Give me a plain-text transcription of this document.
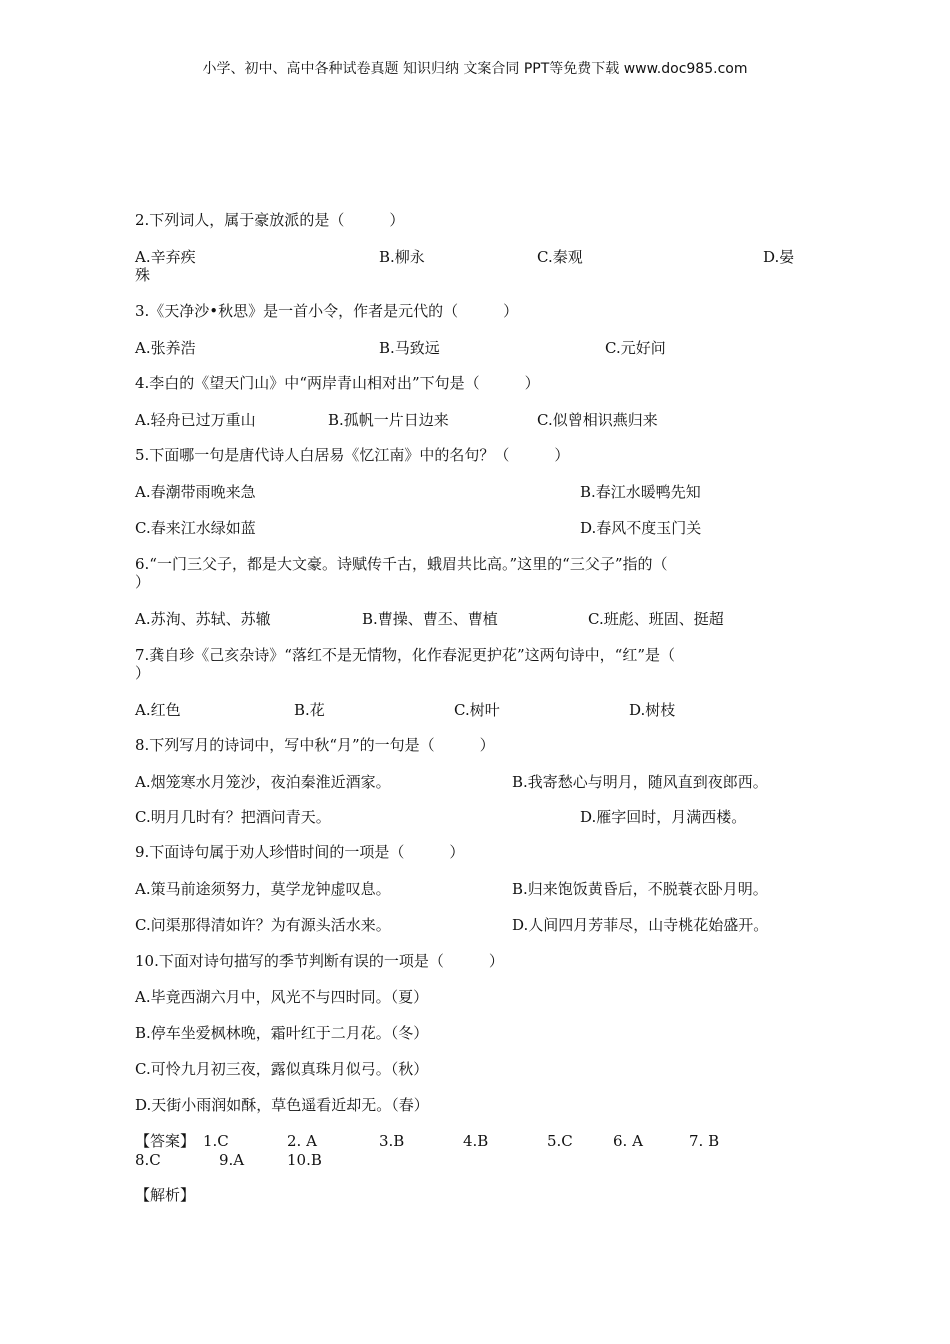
小学、初中、高中各种试卷真题 知识归纳 文案合同 PPT等免费下载 www.doc985.com
2.下列词人，属于豪放派的是（　　　）
A.辛弃疾	B.柳永	C.秦观	D.晏
殊
3.《天净沙•秋思》是一首小令，作者是元代的（　　　）
A.张养浩	B.马致远	C.元好问
4.李白的《望天门山》中“两岸青山相对出”下句是（　　　）
A.轻舟已过万重山	B.孤帆一片日边来	C.似曾相识燕归来
5.下面哪一句是唐代诗人白居易《忆江南》中的名句？（　　　）
A.春潮带雨晚来急	B.春江水暖鸭先知
C.春来江水绿如蓝	D.春风不度玉门关
6.“一门三父子，都是大文豪。诗赋传千古，蛾眉共比高。”这里的“三父子”指的（
）
A.苏洵、苏轼、苏辙	B.曹操、曹丕、曹植	C.班彪、班固、挺超
7.龚自珍《己亥杂诗》“落红不是无情物，化作春泥更护花”这两句诗中，“红”是（
）
A.红色	B.花	C.树叶	D.树枝
8.下列写月的诗词中，写中秋“月”的一句是（　　　）
A.烟笼寒水月笼沙，夜泊秦淮近酒家。	B.我寄愁心与明月，随风直到夜郎西。
C.明月几时有？把酒问青天。	D.雁字回时，月满西楼。
9.下面诗句属于劝人珍惜时间的一项是（　　　）
A.策马前途须努力，莫学龙钟虚叹息。	B.归来饱饭黄昏后，不脱蓑衣卧月明。
C.问渠那得清如许？为有源头活水来。	D.人间四月芳菲尽，山寺桃花始盛开。
10.下面对诗句描写的季节判断有误的一项是（　　　）
A.毕竟西湖六月中，风光不与四时同。（夏）
B.停车坐爱枫林晚，霜叶红于二月花。（冬）
C.可怜九月初三夜，露似真珠月似弓。（秋）
D.天街小雨润如酥，草色遥看近却无。（春）
【答案】 1.C	2. A	3.B	4.B	5.C	6. A	7. B
8.C	9.A	10.B
【解析】
